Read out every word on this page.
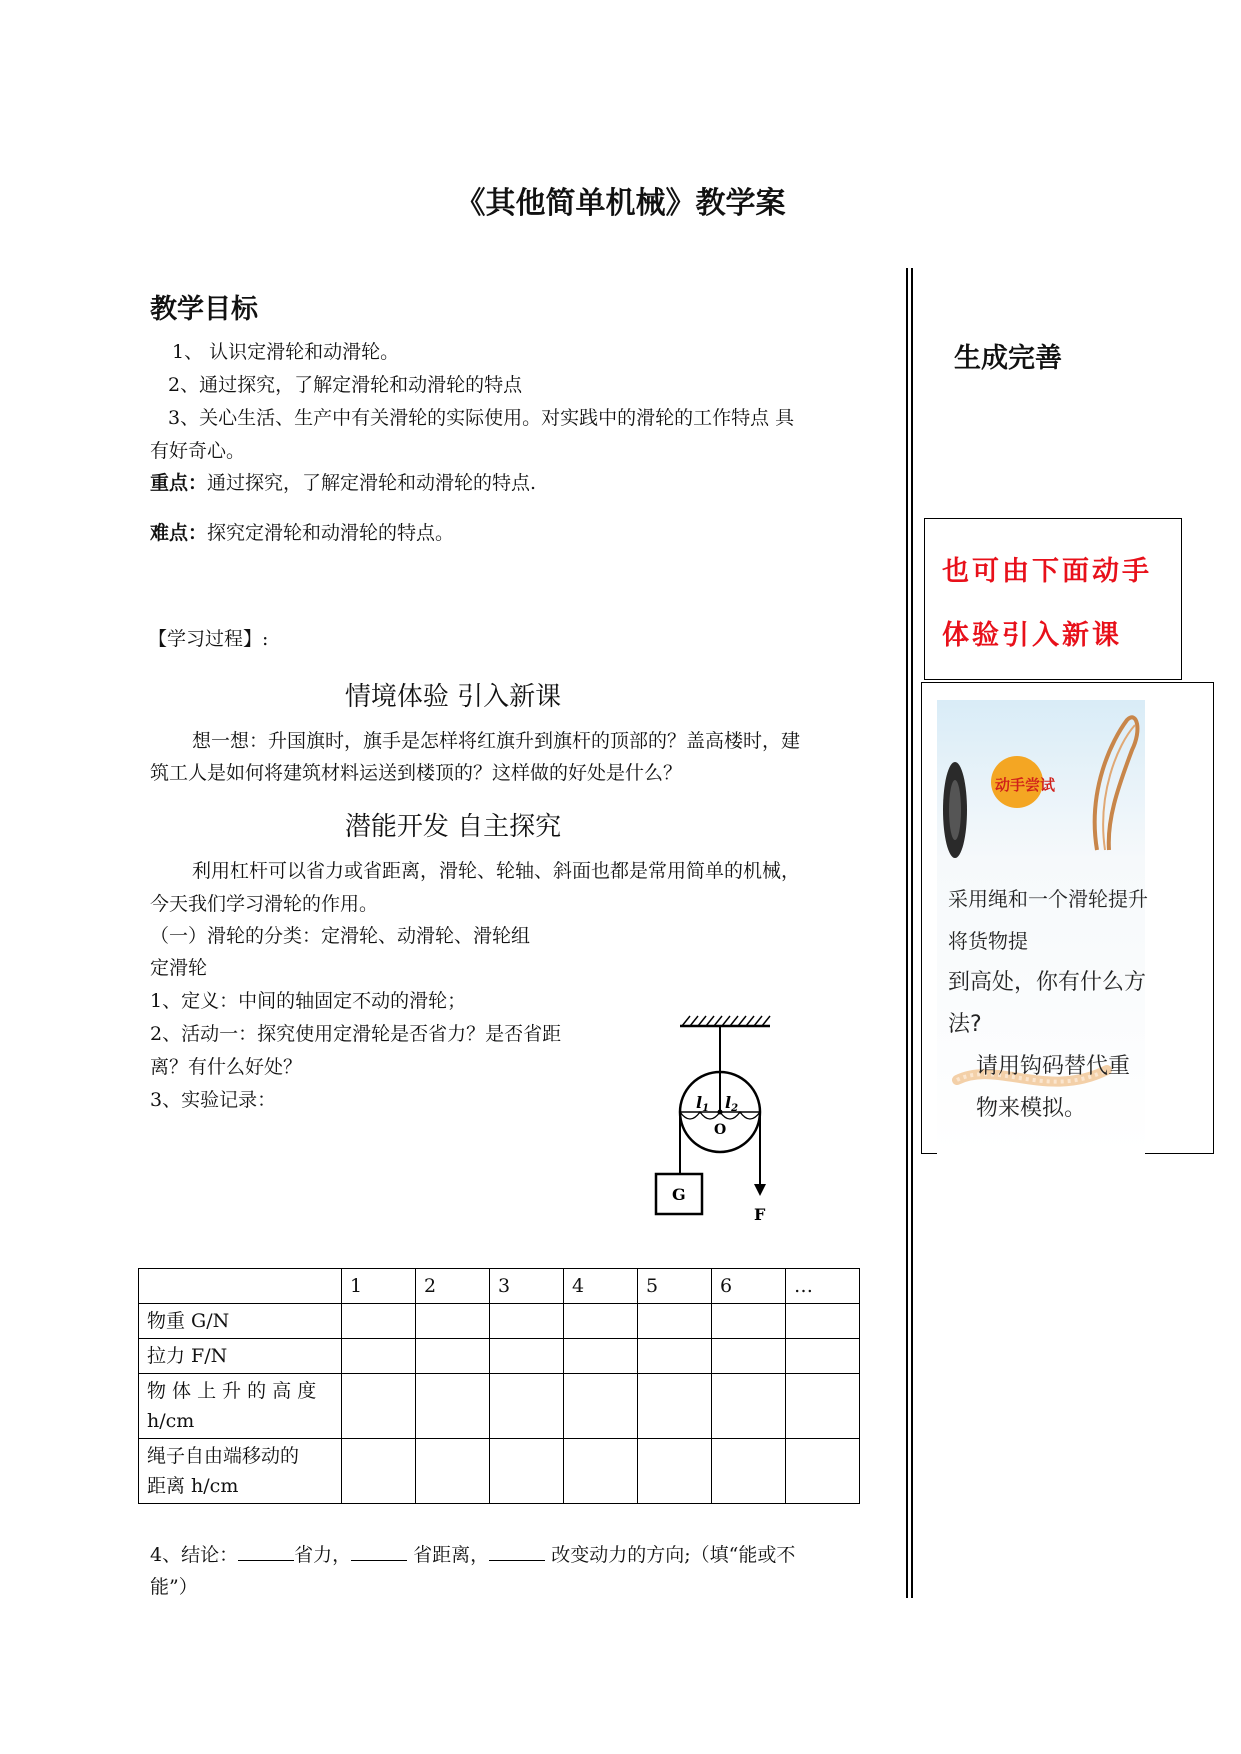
《其他简单机械》教学案
教学目标
1、 认识定滑轮和动滑轮。
2、通过探究，了解定滑轮和动滑轮的特点
3、关心生活、生产中有关滑轮的实际使用。对实践中的滑轮的工作特点 具
有好奇心。
重点：通过探究，了解定滑轮和动滑轮的特点.
难点：探究定滑轮和动滑轮的特点。
【学习过程】:
情境体验 引入新课
想一想：升国旗时，旗手是怎样将红旗升到旗杆的顶部的？盖高楼时，建
筑工人是如何将建筑材料运送到楼顶的？这样做的好处是什么？
潜能开发 自主探究
利用杠杆可以省力或省距离，滑轮、轮轴、斜面也都是常用简单的机械，
今天我们学习滑轮的作用。
（一）滑轮的分类：定滑轮、动滑轮、滑轮组
定滑轮
1、定义：中间的轴固定不动的滑轮；
2、活动一：探究使用定滑轮是否省力？是否省距
离？有什么好处？
3、实验记录：	l1 l2
O
G
F
	1	2	3	4	5	6	…
物重 G/N							
拉力 F/N							

物 体 上 升 的 高 度
h/cm							

绳子自由端移动的
距离 h/cm							

4、结论：	省力，	省距离，	改变动力的方向;（填“能或不
能”）
生成完善
也可由下面动手
体验引入新课
动手尝试
采用绳和一个滑轮提升将货物提
到高处，你有什么方法?
请用钩码替代重物来模拟。
